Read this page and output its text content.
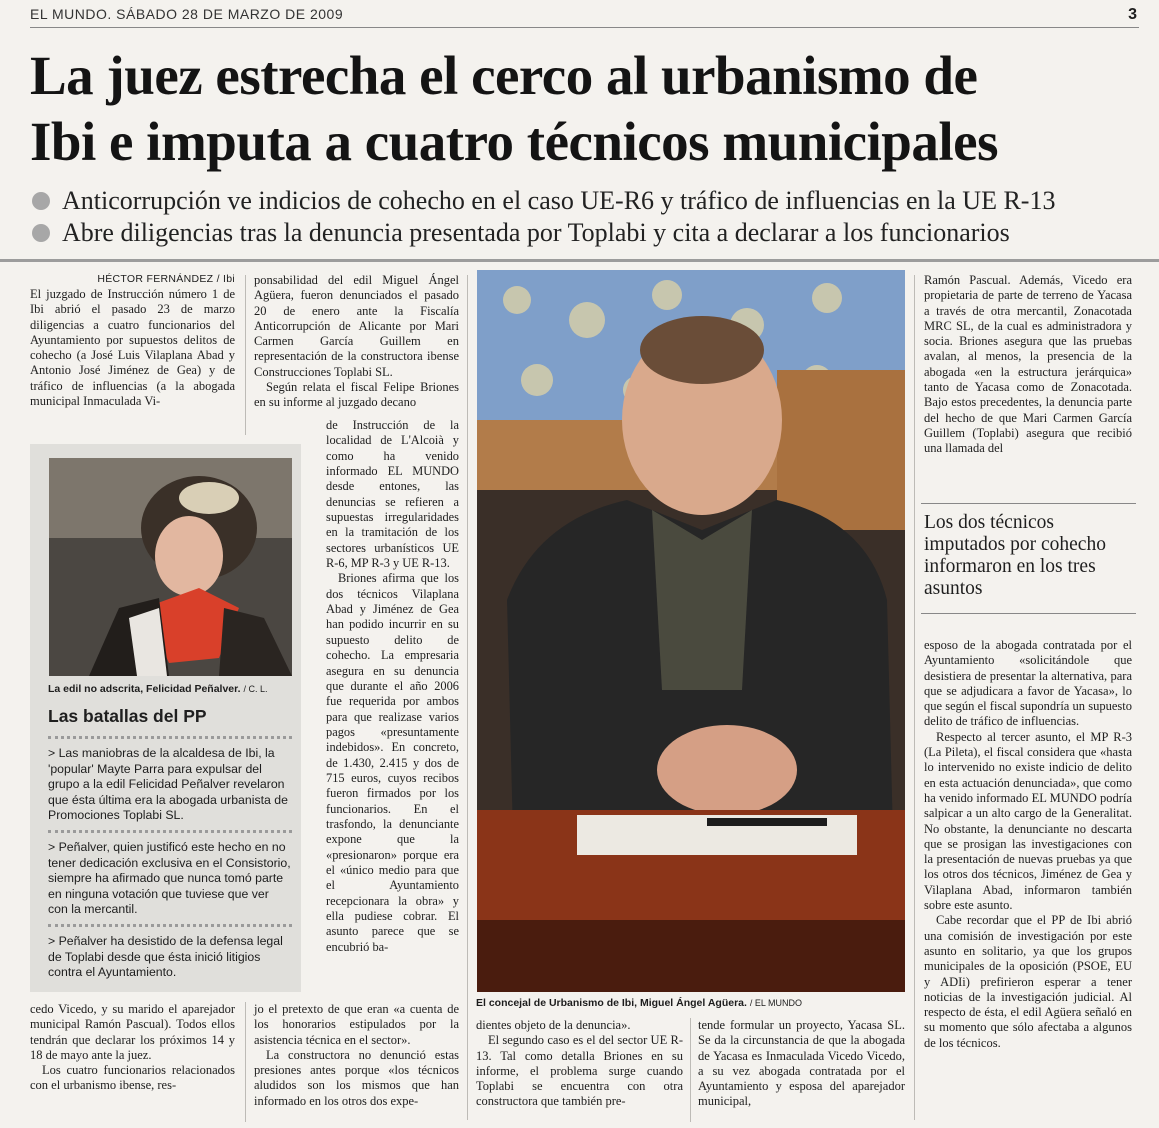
EL MUNDO. SÁBADO 28 DE MARZO DE 2009	3
La juez estrecha el cerco al urbanismo de
Ibi e imputa a cuatro técnicos municipales
Anticorrupción ve indicios de cohecho en el caso UE-R6 y tráfico de influencias en la UE R-13
Abre diligencias tras la denuncia presentada por Toplabi y cita a declarar a los funcionarios
HÉCTOR FERNÁNDEZ / Ibi

El juzgado de Instrucción número 1 de Ibi abrió el pasado 23 de marzo diligencias a cuatro funcionarios del Ayuntamiento por supuestos delitos de cohecho (a José Luis Vilaplana Abad y Antonio José Jiménez de Gea) y de tráfico de influencias (a la abogada municipal Inmaculada Vi-

La edil no adscrita, Felicidad Peñalver. / C. L.
Las batallas del PP
> Las maniobras de la alcaldesa de Ibi, la 'popular' Mayte Parra para expulsar del grupo a la edil Felicidad Peñalver revelaron que ésta última era la abogada urbanista de Promociones Toplabi SL.
> Peñalver, quien justificó este hecho en no tener dedicación exclusiva en el Consistorio, siempre ha afirmado que nunca tomó parte en ninguna votación que tuviese que ver con la mercantil.
> Peñalver ha desistido de la defensa legal de Toplabi desde que ésta inició litigios contra el Ayuntamiento.

cedo Vicedo, y su marido el aparejador municipal Ramón Pascual). Todos ellos tendrán que declarar los próximos 14 y 18 de mayo ante la juez.

Los cuatro funcionarios relacionados con el urbanismo ibense, res-

ponsabilidad del edil Miguel Ángel Agüera, fueron denunciados el pasado 20 de enero ante la Fiscalía Anticorrupción de Alicante por Mari Carmen García Guillem en representación de la constructora ibense Construcciones Toplabi SL.

Según relata el fiscal Felipe Briones en su informe al juzgado decano

de Instrucción de la localidad de L'Alcoià y como ha venido informado EL MUNDO desde entones, las denuncias se refieren a supuestas irregularidades en la tramitación de los sectores urbanísticos UE R-6, MP R-3 y UE R-13.

Briones afirma que los dos técnicos Vilaplana Abad y Jiménez de Gea han podido incurrir en su supuesto delito de cohecho. La empresaria asegura en su denuncia que durante el año 2006 fue requerida por ambos para que realizase varios pagos «presuntamente indebidos». En concreto, de 1.430, 2.415 y dos de 715 euros, cuyos recibos fueron firmados por los funcionarios. En el trasfondo, la denunciante expone que la «presionaron» porque era el «único medio para que el Ayuntamiento recepcionara la obra» y ella pudiese cobrar. El asunto parece que se encubrió ba-

jo el pretexto de que eran «a cuenta de los honorarios estipulados por la asistencia técnica en el sector».

La constructora no denunció estas presiones antes porque «los técnicos aludidos son los mismos que han informado en los otros dos expe-

El concejal de Urbanismo de Ibi, Miguel Ángel Agüera. / EL MUNDO

dientes objeto de la denuncia».

El segundo caso es el del sector UE R-13. Tal como detalla Briones en su informe, el problema surge cuando Toplabi se encuentra con otra constructora que también pre-

tende formular un proyecto, Yacasa SL. Se da la circunstancia de que la abogada de Yacasa es Inmaculada Vicedo Vicedo, a su vez abogada contratada por el Ayuntamiento y esposa del aparejador municipal,

Ramón Pascual. Además, Vicedo era propietaria de parte de terreno de Yacasa a través de otra mercantil, Zonacotada MRC SL, de la cual es administradora y socia. Briones asegura que las pruebas avalan, al menos, la presencia de la abogada «en la estructura jerárquica» tanto de Yacasa como de Zonacotada. Bajo estos precedentes, la denuncia parte del hecho de que Mari Carmen García Guillem (Toplabi) asegura que recibió una llamada del

Los dos técnicos imputados por cohecho informaron en los tres asuntos

esposo de la abogada contratada por el Ayuntamiento «solicitándole que desistiera de presentar la alternativa, para que se adjudicara a favor de Yacasa», lo que según el fiscal supondría un supuesto delito de tráfico de influencias.

Respecto al tercer asunto, el MP R-3 (La Pileta), el fiscal considera que «hasta lo intervenido no existe indicio de delito en esta actuación denunciada», que como ha venido informado EL MUNDO podría salpicar a un alto cargo de la Generalitat. No obstante, la denunciante no descarta que se prosigan las investigaciones con la presentación de nuevas pruebas ya que los otros dos técnicos, Jiménez de Gea y Vilaplana Abad, informaron también sobre este asunto.

Cabe recordar que el PP de Ibi abrió una comisión de investigación por este asunto en solitario, ya que los grupos municipales de la oposición (PSOE, EU y ADIi) prefirieron esperar a tener noticias de la investigación judicial. Al respecto de ésta, el edil Agüera señaló en su momento que sólo afectaba a algunos de los técnicos.
